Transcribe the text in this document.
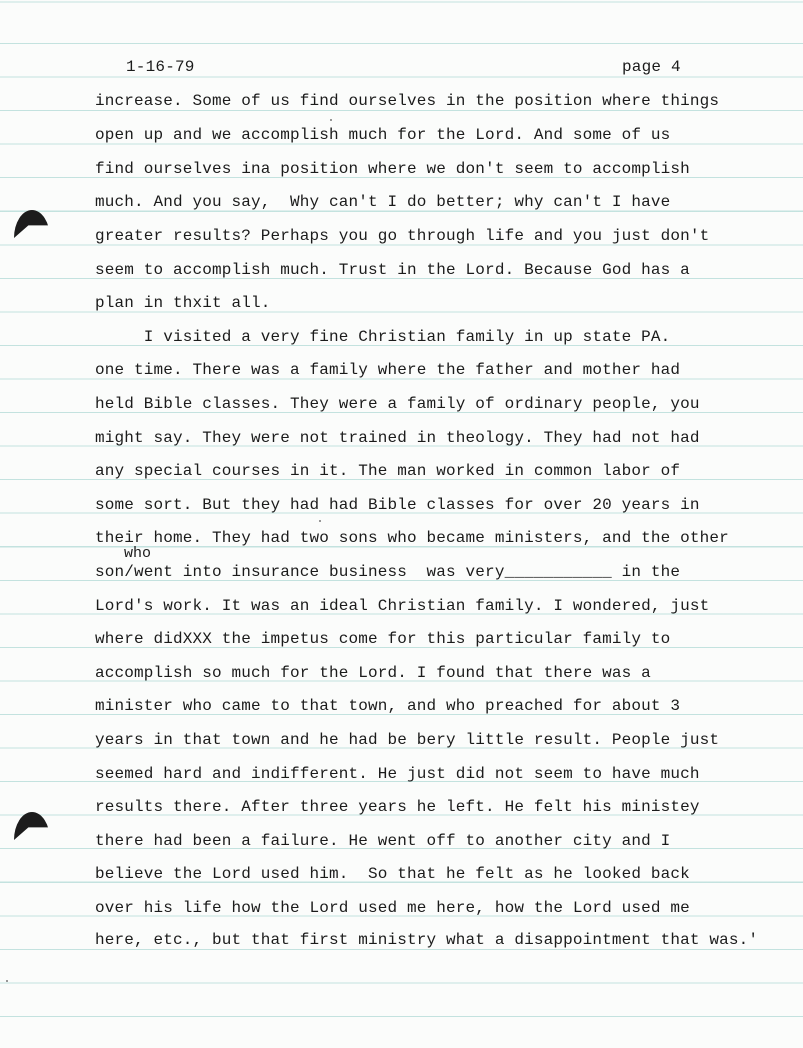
1-16-79	page 4
increase. Some of us find ourselves in the position where things
open up and we accomplish much for the Lord. And some of us
find ourselves ina position where we don't seem to accomplish
much. And you say,  Why can't I do better; why can't I have
greater results? Perhaps you go through life and you just don't
seem to accomplish much. Trust in the Lord. Because God has a
plan in thxit all.
I visited a very fine Christian family in up state PA.
one time. There was a family where the father and mother had
held Bible classes. They were a family of ordinary people, you
might say. They were not trained in theology. They had not had
any special courses in it. The man worked in common labor of
some sort. But they had had Bible classes for over 20 years in
their home. They had two sons who became ministers, and the other
who
son/went into insurance business  was very___________ in the
Lord's work. It was an ideal Christian family. I wondered, just
where didXXX the impetus come for this particular family to
accomplish so much for the Lord. I found that there was a
minister who came to that town, and who preached for about 3
years in that town and he had be bery little result. People just
seemed hard and indifferent. He just did not seem to have much
results there. After three years he left. He felt his ministey
there had been a failure. He went off to another city and I
believe the Lord used him.  So that he felt as he looked back
over his life how the Lord used me here, how the Lord used me
here, etc., but that first ministry what a disappointment that was.'
